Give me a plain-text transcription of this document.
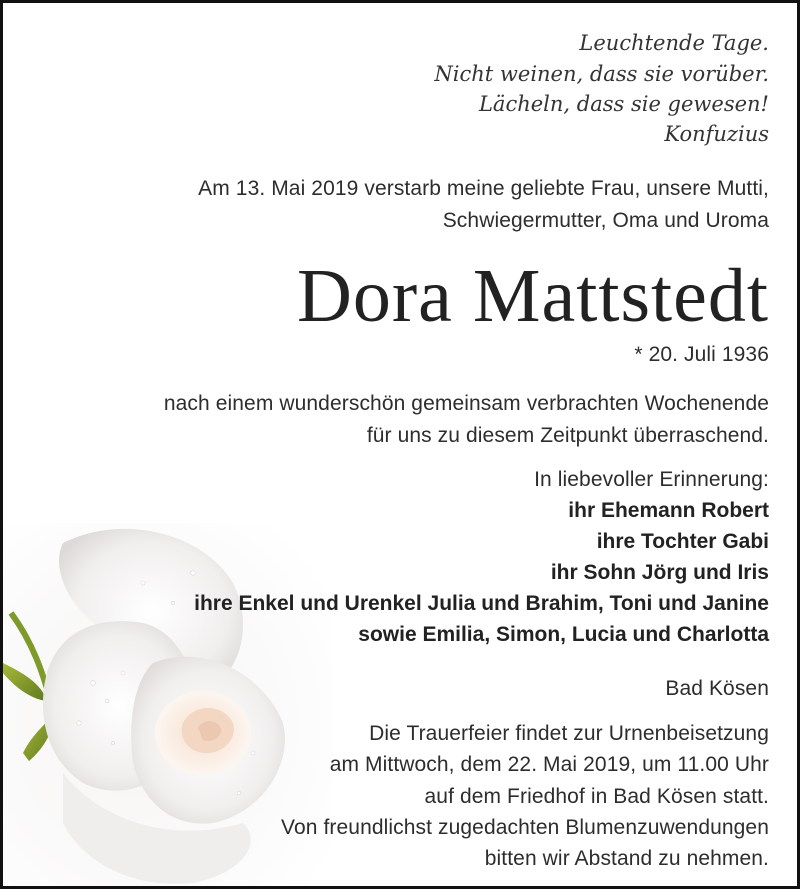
Leuchtende Tage.
Nicht weinen, dass sie vorüber.
Lächeln, dass sie gewesen!
Konfuzius
Am 13. Mai 2019 verstarb meine geliebte Frau, unsere Mutti,
Schwiegermutter, Oma und Uroma
Dora Mattstedt
* 20. Juli 1936
nach einem wunderschön gemeinsam verbrachten Wochenende
für uns zu diesem Zeitpunkt überraschend.
In liebevoller Erinnerung:
ihr Ehemann Robert
ihre Tochter Gabi
ihr Sohn Jörg und Iris
ihre Enkel und Urenkel Julia und Brahim, Toni und Janine
sowie Emilia, Simon, Lucia und Charlotta
Bad Kösen
Die Trauerfeier findet zur Urnenbeisetzung
am Mittwoch, dem 22. Mai 2019, um 11.00 Uhr
auf dem Friedhof in Bad Kösen statt.
Von freundlichst zugedachten Blumenzuwendungen
bitten wir Abstand zu nehmen.
